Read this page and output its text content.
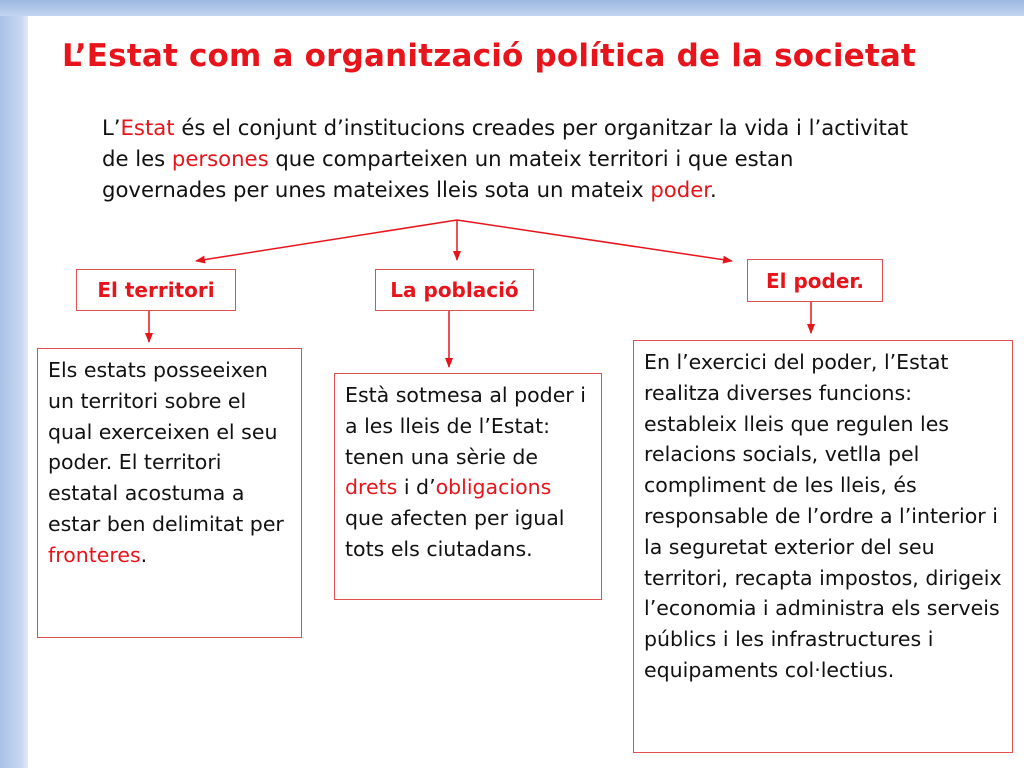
L’Estat com a organització política de la societat
L’Estat és el conjunt d’institucions creades per organitzar la vida i l’activitat de les persones que comparteixen un mateix territori i que estan governades per unes mateixes lleis sota un mateix poder.
El territori	La població	El poder.
Els estats posseeixen un territori sobre el qual exerceixen el seu poder. El territori estatal acostuma a estar ben delimitat per fronteres.
Està sotmesa al poder i a les lleis de l’Estat: tenen una sèrie de drets i d’obligacions que afecten per igual tots els ciutadans.
En l’exercici del poder, l’Estat realitza diverses funcions: estableix lleis que regulen les relacions socials, vetlla pel compliment de les lleis, és responsable de l’ordre a l’interior i la seguretat exterior del seu territori, recapta impostos, dirigeix l’economia i administra els serveis públics i les infrastructures i equipaments col·lectius.
